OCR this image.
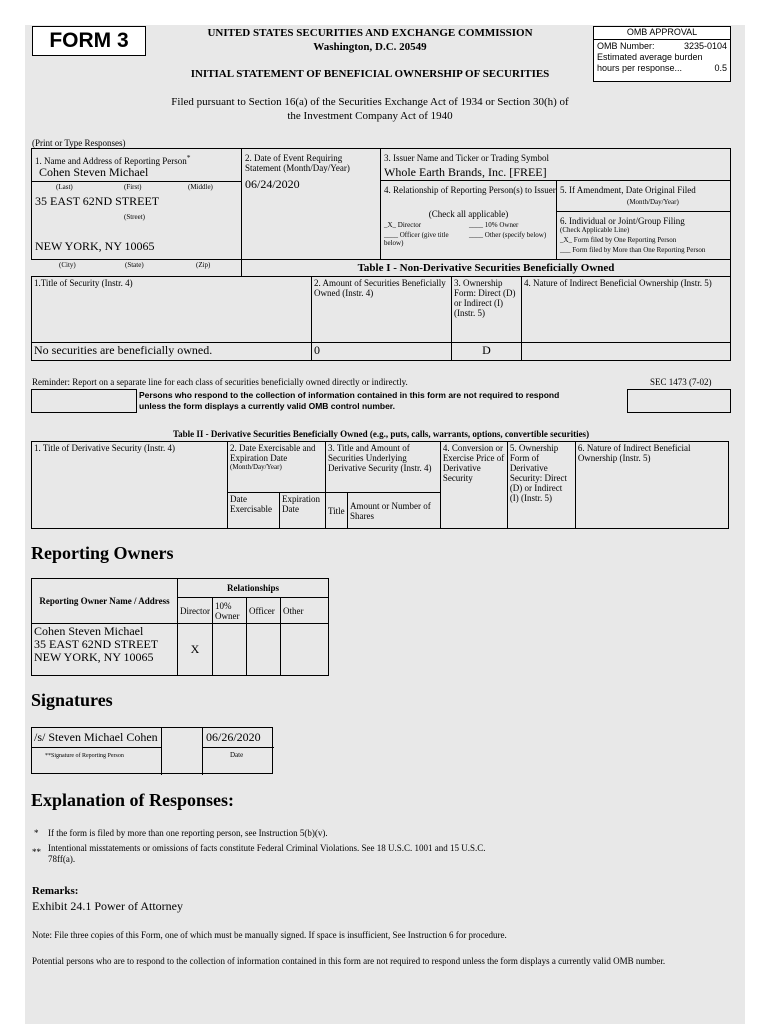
FORM 3	UNITED STATES SECURITIES AND EXCHANGE COMMISSION
Washington, D.C. 20549
INITIAL STATEMENT OF BENEFICIAL OWNERSHIP OF SECURITIES
OMB APPROVAL
OMB Number:	3235-0104
Estimated average burden
hours per response...	0.5
Filed pursuant to Section 16(a) of the Securities Exchange Act of 1934 or Section 30(h) of
the Investment Company Act of 1940
(Print or Type Responses)
1. Name and Address of Reporting Person*
Cohen Steven Michael
(Last)	(First)	(Middle)
35 EAST 62ND STREET
(Street)
NEW YORK, NY 10065
(City)	(State)	(Zip)
2. Date of Event Requiring Statement (Month/Day/Year)
06/24/2020
3. Issuer Name and Ticker or Trading Symbol
Whole Earth Brands, Inc. [FREE]
4. Relationship of Reporting Person(s) to Issuer
(Check all applicable)
_X_ Director	____ 10% Owner
____ Officer (give title below)
____ Other (specify below)
5. If Amendment, Date Original Filed
(Month/Day/Year)
6. Individual or Joint/Group Filing
(Check Applicable Line)
_X_ Form filed by One Reporting Person
___ Form filed by More than One Reporting Person
Table I - Non-Derivative Securities Beneficially Owned
1.Title of Security (Instr. 4)	2. Amount of Securities Beneficially Owned (Instr. 4)	3. Ownership Form: Direct (D) or Indirect (I) (Instr. 5)	4. Nature of Indirect Beneficial Ownership (Instr. 5)
No securities are beneficially owned.	0	D	
Reminder: Report on a separate line for each class of securities beneficially owned directly or indirectly.	SEC 1473 (7-02)
Persons who respond to the collection of information contained in this form are not required to respond
unless the form displays a currently valid OMB control number.
Table II - Derivative Securities Beneficially Owned (e.g., puts, calls, warrants, options, convertible securities)
1. Title of Derivative Security (Instr. 4)	2. Date Exercisable and Expiration Date
(Month/Day/Year)		3. Title and Amount of Securities Underlying Derivative Security (Instr. 4)		4. Conversion or Exercise Price of Derivative Security	5. Ownership Form of Derivative Security: Direct (D) or Indirect (I) (Instr. 5)	6. Nature of Indirect Beneficial Ownership (Instr. 5)
	Date Exercisable	Expiration Date	Title	Amount or Number of Shares			
Reporting Owners
Reporting Owner Name / Address	Relationships			
	Director	10% Owner	Officer	Other

Cohen Steven Michael
35 EAST 62ND STREET
NEW YORK, NY 10065	X			
Signatures
/s/ Steven Michael Cohen
**Signature of Reporting Person
06/26/2020
Date
Explanation of Responses:
* If the form is filed by more than one reporting person, see Instruction 5(b)(v).
** Intentional misstatements or omissions of facts constitute Federal Criminal Violations. See 18 U.S.C. 1001 and 15 U.S.C.
78ff(a).
Remarks:
Exhibit 24.1 Power of Attorney
Note: File three copies of this Form, one of which must be manually signed. If space is insufficient, See Instruction 6 for procedure.
Potential persons who are to respond to the collection of information contained in this form are not required to respond unless the form displays a currently valid OMB number.
